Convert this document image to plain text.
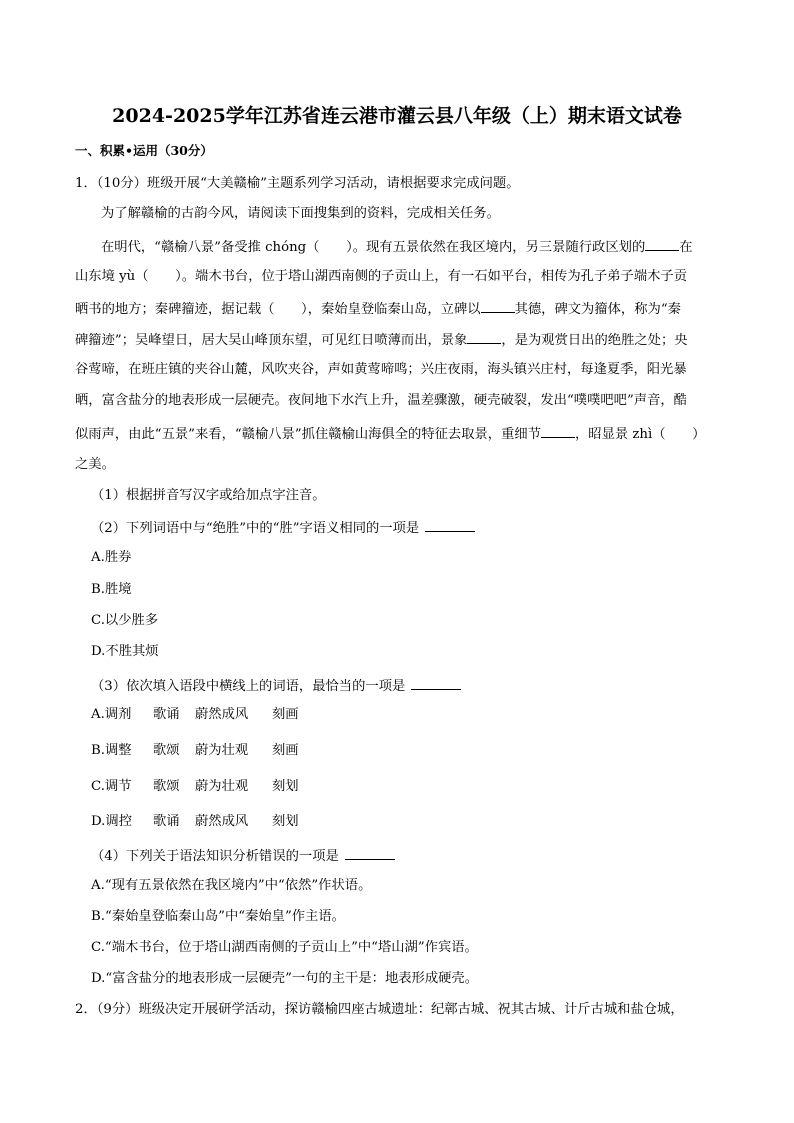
2024-2025学年江苏省连云港市灌云县八年级（上）期末语文试卷
一、积累•运用（30分）
1．（10分）班级开展“大美赣榆”主题系列学习活动，请根据要求完成问题。
为了解赣榆的古韵今风，请阅读下面搜集到的资料，完成相关任务。
在明代，“赣榆八景”备受推 chóng（　　）。现有五景依然在我区境内，另三景随行政区划的	在
山东境 yù（　　）。端木书台，位于塔山湖西南侧的子贡山上，有一石如平台，相传为孔子弟子端木子贡
晒书的地方；秦碑籀迹，据记载（　　），秦始皇登临秦山岛，立碑以	其德，碑文为籀体，称为“秦
碑籀迹”；吴峰望日，居大吴山峰顶东望，可见红日喷薄而出，景象	，是为观赏日出的绝胜之处；央
谷莺啼，在班庄镇的夹谷山麓，风吹夹谷，声如黄莺啼鸣；兴庄夜雨，海头镇兴庄村，每逢夏季，阳光暴
晒，富含盐分的地表形成一层硬壳。夜间地下水汽上升，温差骤激，硬壳破裂，发出“噗噗吧吧”声音，酷
似雨声，由此“五景”来看，“赣榆八景”抓住赣榆山海俱全的特征去取景，重细节	，昭显景 zhì（　　）
之美。
（1）根据拼音写汉字或给加点字注音。
（2）下列词语中与“绝胜”中的“胜”字语义相同的一项是
A.胜券
B.胜境
C.以少胜多
D.不胜其烦
（3）依次填入语段中横线上的词语，最恰当的一项是
A.调剂 歌诵 蔚然成风 刻画
B.调整 歌颂 蔚为壮观 刻画
C.调节 歌颂 蔚为壮观 刻划
D.调控 歌诵 蔚然成风 刻划
（4）下列关于语法知识分析错误的一项是
A.“现有五景依然在我区境内”中“依然”作状语。
B.“秦始皇登临秦山岛”中“秦始皇”作主语。
C.“端木书台，位于塔山湖西南侧的子贡山上”中“塔山湖”作宾语。
D.“富含盐分的地表形成一层硬壳”一句的主干是：地表形成硬壳。
2．（9分）班级决定开展研学活动，探访赣榆四座古城遗址：纪鄣古城、祝其古城、计斤古城和盐仓城，
